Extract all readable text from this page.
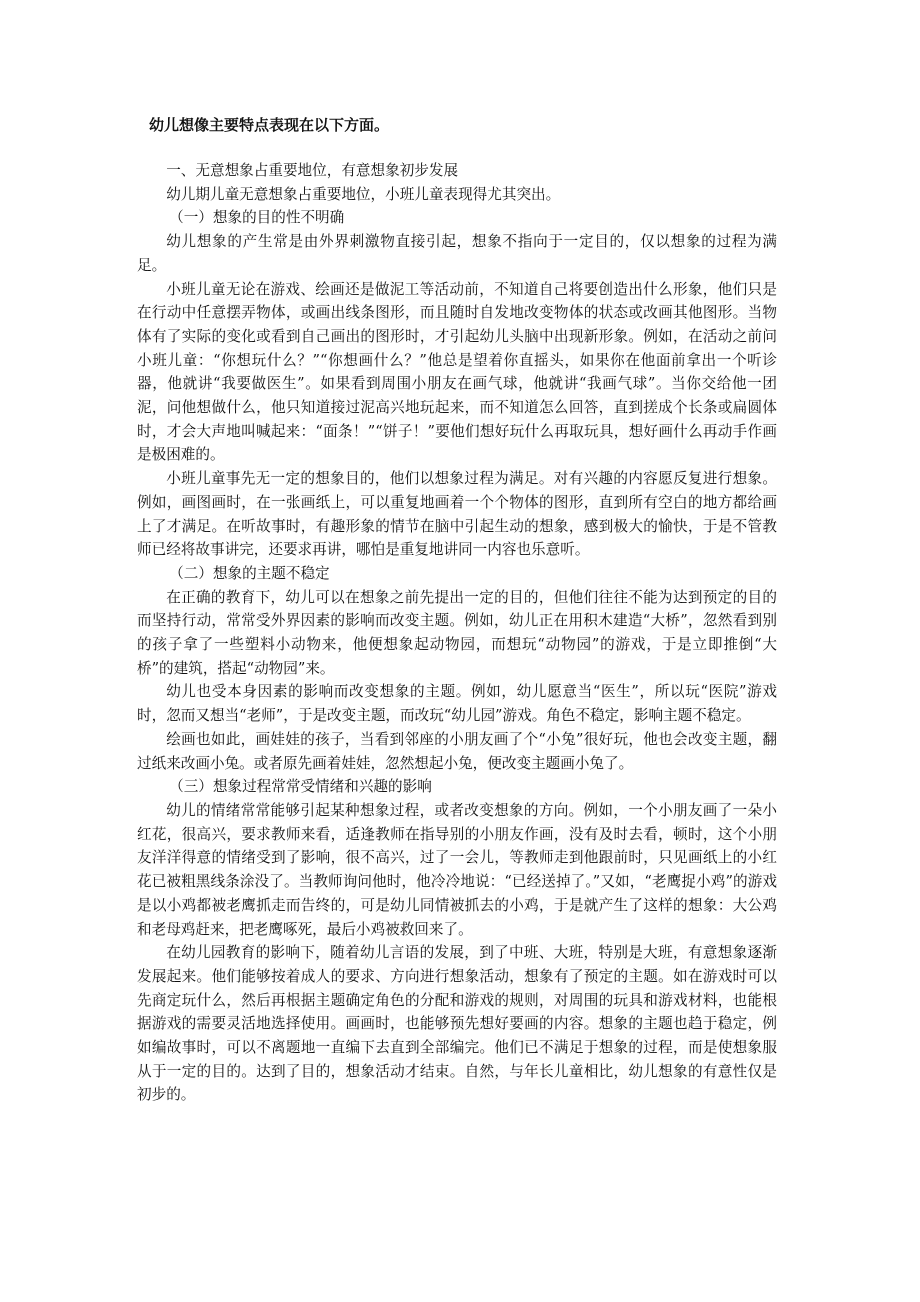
幼儿想像主要特点表现在以下方面。

一、无意想象占重要地位，有意想象初步发展

幼儿期儿童无意想象占重要地位，小班儿童表现得尤其突出。

（一）想象的目的性不明确

幼儿想象的产生常是由外界刺激物直接引起，想象不指向于一定目的，仅以想象的过程为满足。

小班儿童无论在游戏、绘画还是做泥工等活动前，不知道自己将要创造出什么形象，他们只是在行动中任意摆弄物体，或画出线条图形，而且随时自发地改变物体的状态或改画其他图形。当物体有了实际的变化或看到自己画出的图形时，才引起幼儿头脑中出现新形象。例如，在活动之前问小班儿童：“你想玩什么？”“你想画什么？”他总是望着你直摇头，如果你在他面前拿出一个听诊器，他就讲“我要做医生”。如果看到周围小朋友在画气球，他就讲“我画气球”。当你交给他一团泥，问他想做什么，他只知道接过泥高兴地玩起来，而不知道怎么回答，直到搓成个长条或扁圆体时，才会大声地叫喊起来：“面条！”“饼子！”要他们想好玩什么再取玩具，想好画什么再动手作画是极困难的。

小班儿童事先无一定的想象目的，他们以想象过程为满足。对有兴趣的内容愿反复进行想象。例如，画图画时，在一张画纸上，可以重复地画着一个个物体的图形，直到所有空白的地方都给画上了才满足。在听故事时，有趣形象的情节在脑中引起生动的想象，感到极大的愉快，于是不管教师已经将故事讲完，还要求再讲，哪怕是重复地讲同一内容也乐意听。

（二）想象的主题不稳定

在正确的教育下，幼儿可以在想象之前先提出一定的目的，但他们往往不能为达到预定的目的而坚持行动，常常受外界因素的影响而改变主题。例如，幼儿正在用积木建造“大桥”，忽然看到别的孩子拿了一些塑料小动物来，他便想象起动物园，而想玩“动物园”的游戏，于是立即推倒“大桥”的建筑，搭起“动物园”来。

幼儿也受本身因素的影响而改变想象的主题。例如，幼儿愿意当“医生”，所以玩“医院”游戏时，忽而又想当“老师”，于是改变主题，而改玩“幼儿园”游戏。角色不稳定，影响主题不稳定。

绘画也如此，画娃娃的孩子，当看到邻座的小朋友画了个“小兔”很好玩，他也会改变主题，翻过纸来改画小兔。或者原先画着娃娃，忽然想起小兔，便改变主题画小兔了。

（三）想象过程常常受情绪和兴趣的影响

幼儿的情绪常常能够引起某种想象过程，或者改变想象的方向。例如，一个小朋友画了一朵小红花，很高兴，要求教师来看，适逢教师在指导别的小朋友作画，没有及时去看，顿时，这个小朋友洋洋得意的情绪受到了影响，很不高兴，过了一会儿，等教师走到他跟前时，只见画纸上的小红花已被粗黑线条涂没了。当教师询问他时，他冷冷地说：“已经送掉了。”又如，“老鹰捉小鸡”的游戏是以小鸡都被老鹰抓走而告终的，可是幼儿同情被抓去的小鸡，于是就产生了这样的想象：大公鸡和老母鸡赶来，把老鹰啄死，最后小鸡被救回来了。

在幼儿园教育的影响下，随着幼儿言语的发展，到了中班、大班，特别是大班，有意想象逐渐发展起来。他们能够按着成人的要求、方向进行想象活动，想象有了预定的主题。如在游戏时可以先商定玩什么，然后再根据主题确定角色的分配和游戏的规则，对周围的玩具和游戏材料，也能根据游戏的需要灵活地选择使用。画画时，也能够预先想好要画的内容。想象的主题也趋于稳定，例如编故事时，可以不离题地一直编下去直到全部编完。他们已不满足于想象的过程，而是使想象服从于一定的目的。达到了目的，想象活动才结束。自然，与年长儿童相比，幼儿想象的有意性仅是初步的。
